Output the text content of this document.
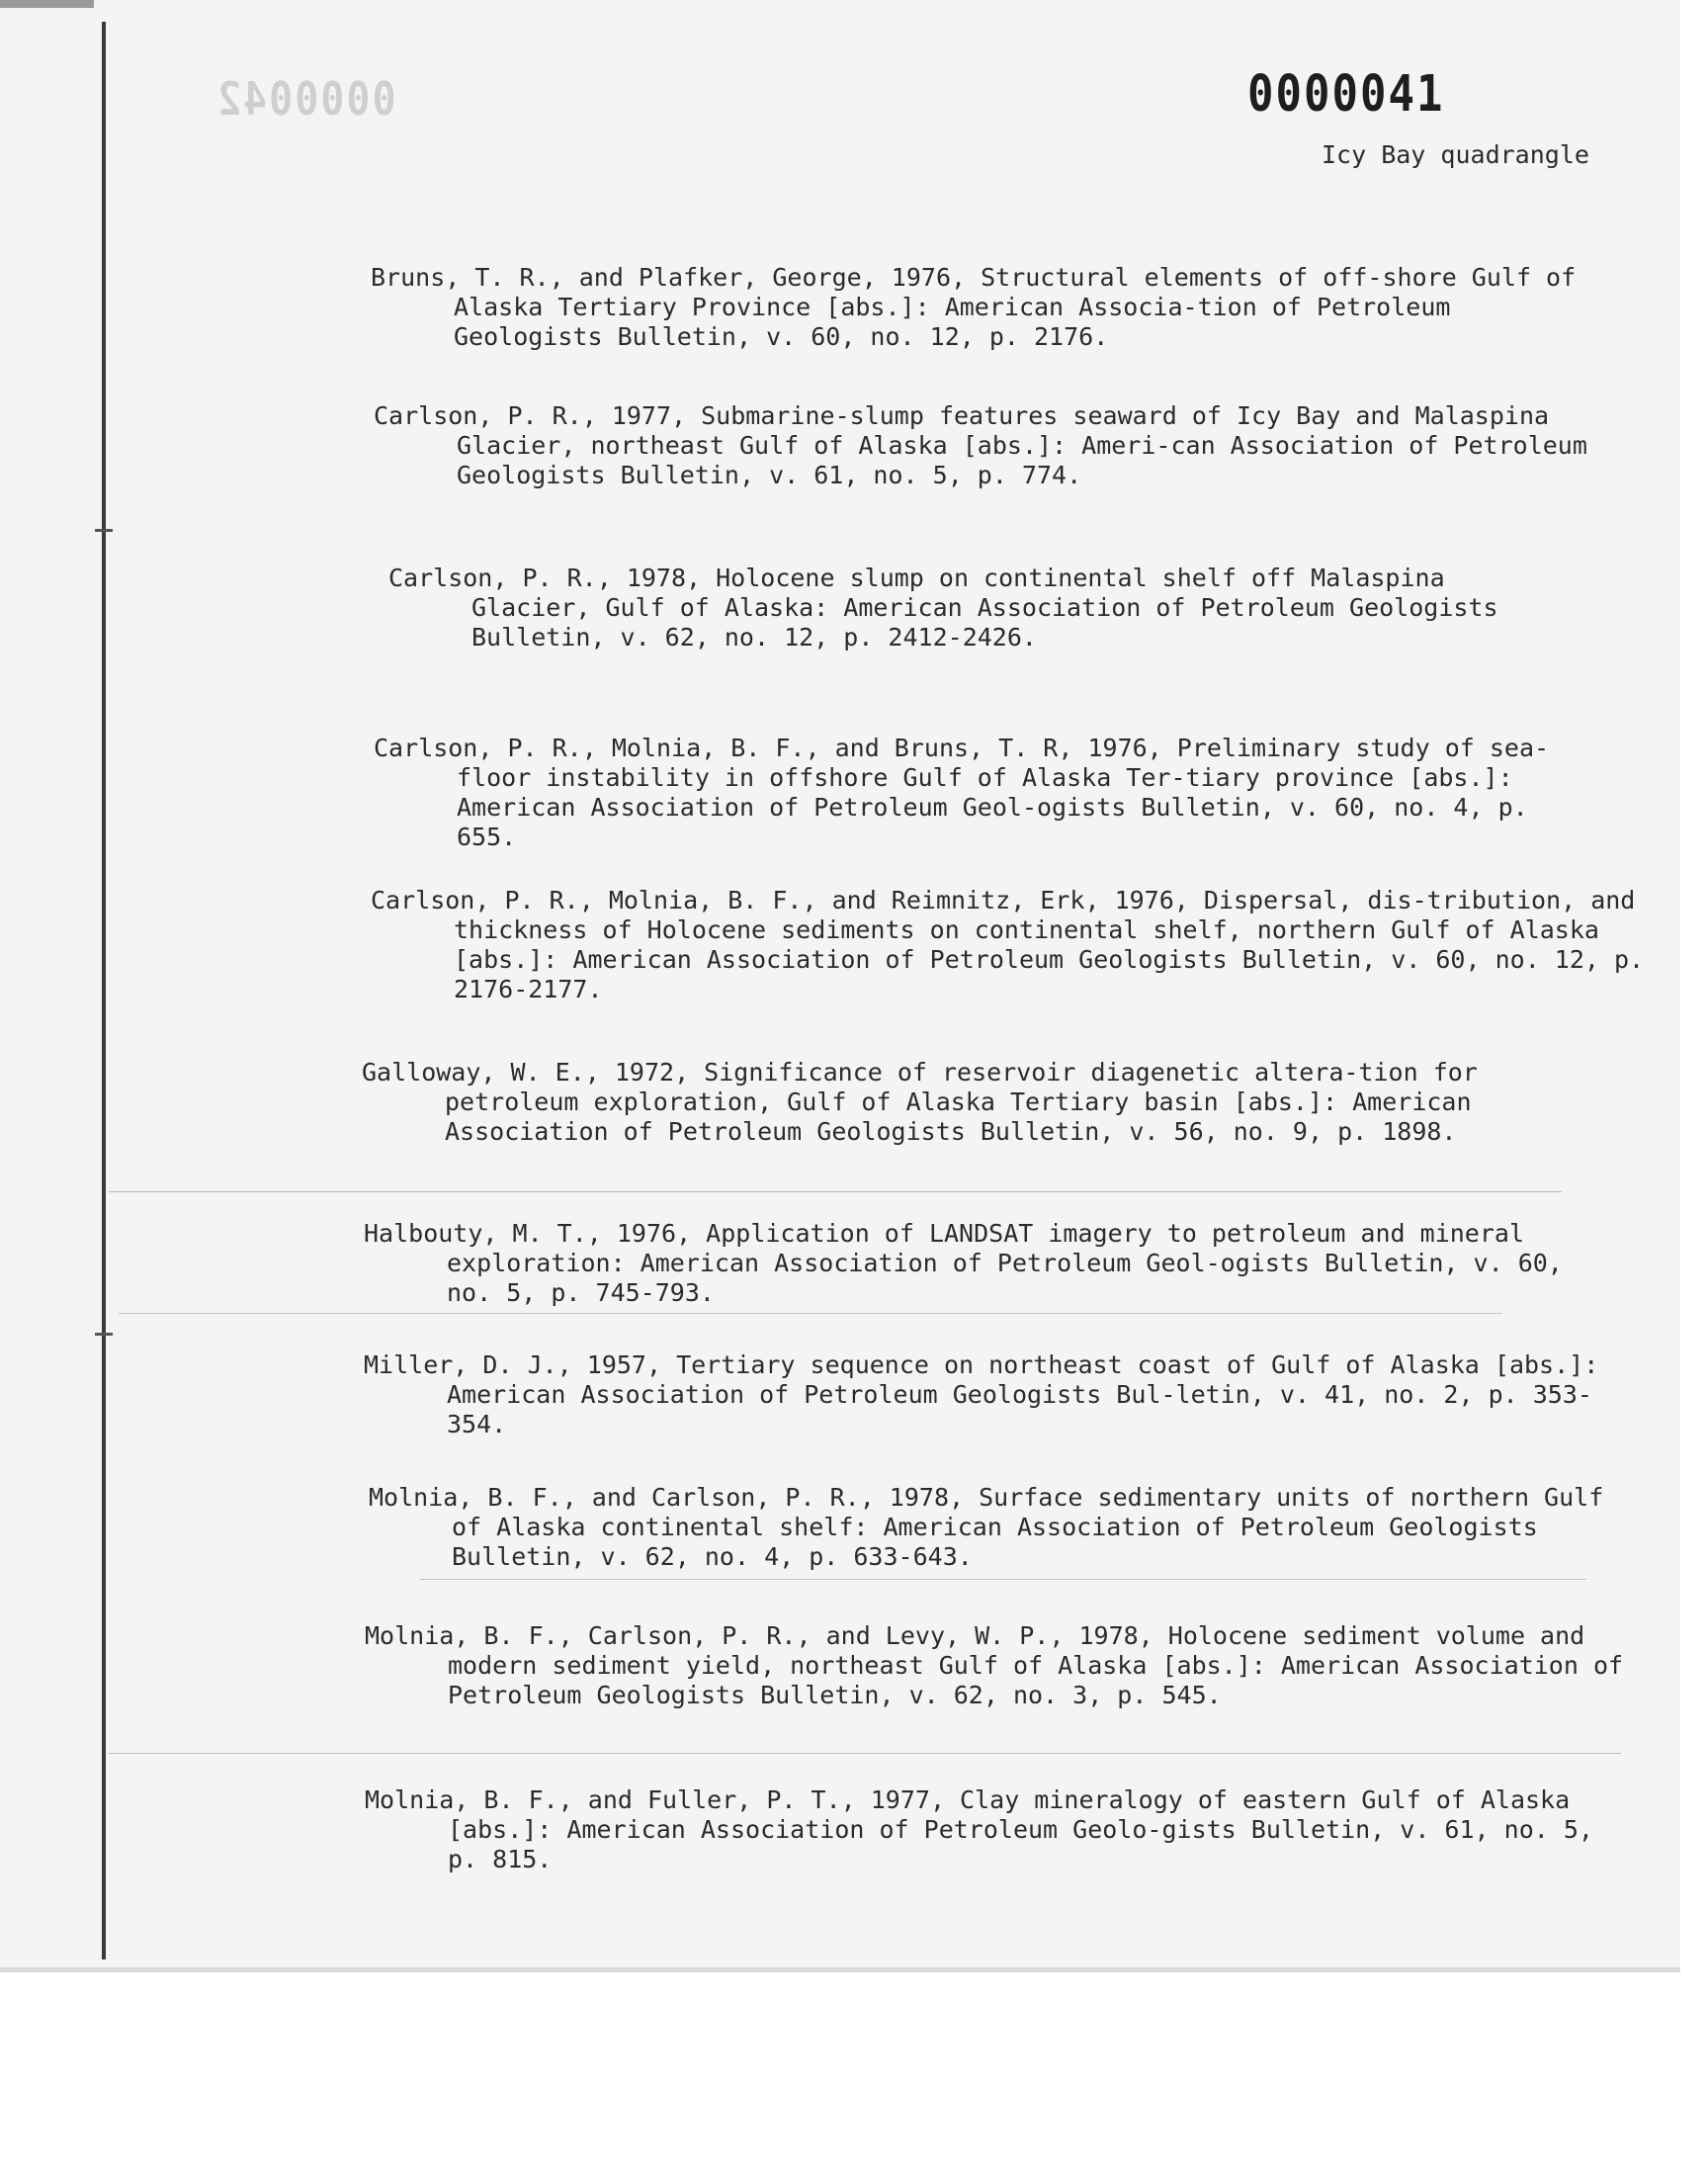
0000042	0000041
Icy Bay quadrangle
Bruns, T. R., and Plafker, George, 1976, Structural elements of off-shore Gulf of Alaska Tertiary Province [abs.]: American Associa-tion of Petroleum Geologists Bulletin, v. 60, no. 12, p. 2176.
Carlson, P. R., 1977, Submarine-slump features seaward of Icy Bay and Malaspina Glacier, northeast Gulf of Alaska [abs.]: Ameri-can Association of Petroleum Geologists Bulletin, v. 61, no. 5, p. 774.
Carlson, P. R., 1978, Holocene slump on continental shelf off Malaspina Glacier, Gulf of Alaska: American Association of Petroleum Geologists Bulletin, v. 62, no. 12, p. 2412-2426.
Carlson, P. R., Molnia, B. F., and Bruns, T. R, 1976, Preliminary study of sea-floor instability in offshore Gulf of Alaska Ter-tiary province [abs.]: American Association of Petroleum Geol-ogists Bulletin, v. 60, no. 4, p. 655.
Carlson, P. R., Molnia, B. F., and Reimnitz, Erk, 1976, Dispersal, dis-tribution, and thickness of Holocene sediments on continental shelf, northern Gulf of Alaska [abs.]: American Association of Petroleum Geologists Bulletin, v. 60, no. 12, p. 2176-2177.
Galloway, W. E., 1972, Significance of reservoir diagenetic altera-tion for petroleum exploration, Gulf of Alaska Tertiary basin [abs.]: American Association of Petroleum Geologists Bulletin, v. 56, no. 9, p. 1898.
Halbouty, M. T., 1976, Application of LANDSAT imagery to petroleum and mineral exploration: American Association of Petroleum Geol-ogists Bulletin, v. 60, no. 5, p. 745-793.
Miller, D. J., 1957, Tertiary sequence on northeast coast of Gulf of Alaska [abs.]: American Association of Petroleum Geologists Bul-letin, v. 41, no. 2, p. 353-354.
Molnia, B. F., and Carlson, P. R., 1978, Surface sedimentary units of northern Gulf of Alaska continental shelf: American Association of Petroleum Geologists Bulletin, v. 62, no. 4, p. 633-643.
Molnia, B. F., Carlson, P. R., and Levy, W. P., 1978, Holocene sediment volume and modern sediment yield, northeast Gulf of Alaska [abs.]: American Association of Petroleum Geologists Bulletin, v. 62, no. 3, p. 545.
Molnia, B. F., and Fuller, P. T., 1977, Clay mineralogy of eastern Gulf of Alaska [abs.]: American Association of Petroleum Geolo-gists Bulletin, v. 61, no. 5, p. 815.
